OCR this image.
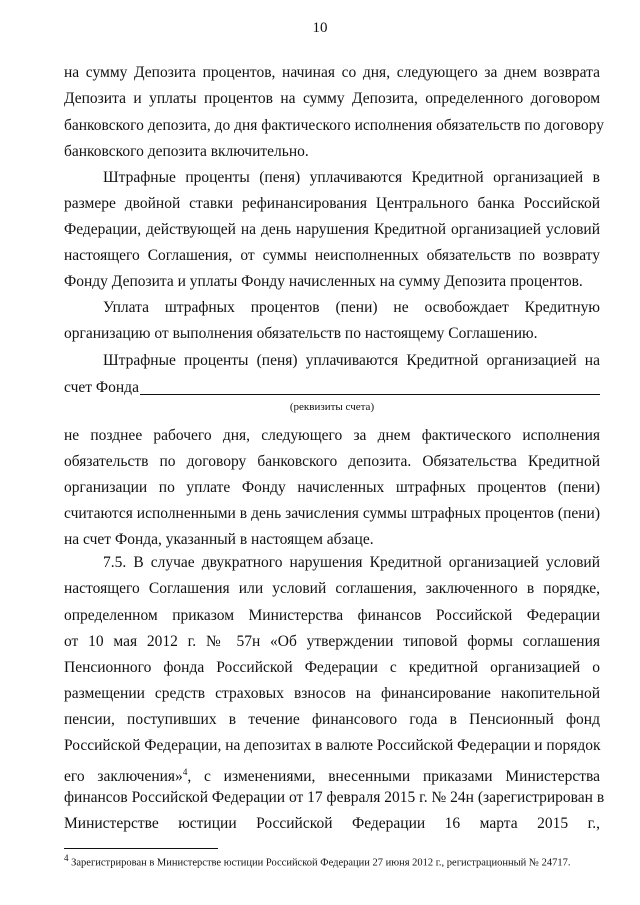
10
на сумму Депозита процентов, начиная со дня, следующего за днем возврата
Депозита и уплаты процентов на сумму Депозита, определенного договором
банковского депозита, до дня фактического исполнения обязательств по договору
банковского депозита включительно.
Штрафные проценты (пеня) уплачиваются Кредитной организацией в
размере двойной ставки рефинансирования Центрального банка Российской
Федерации, действующей на день нарушения Кредитной организацией условий
настоящего Соглашения, от суммы неисполненных обязательств по возврату
Фонду Депозита и уплаты Фонду начисленных на сумму Депозита процентов.
Уплата штрафных процентов (пени) не освобождает Кредитную
организацию от выполнения обязательств по настоящему Соглашению.
Штрафные проценты (пеня) уплачиваются Кредитной организацией на
счет Фонда
(реквизиты счета)
не позднее рабочего дня, следующего за днем фактического исполнения
обязательств по договору банковского депозита. Обязательства Кредитной
организации по уплате Фонду начисленных штрафных процентов (пени)
считаются исполненными в день зачисления суммы штрафных процентов (пени)
на счет Фонда, указанный в настоящем абзаце.
7.5. В случае двукратного нарушения Кредитной организацией условий
настоящего Соглашения или условий соглашения, заключенного в порядке,
определенном приказом Министерства финансов Российской Федерации
от 10 мая 2012 г. № 57н «Об утверждении типовой формы соглашения
Пенсионного фонда Российской Федерации с кредитной организацией о
размещении средств страховых взносов на финансирование накопительной
пенсии, поступивших в течение финансового года в Пенсионный фонд
Российской Федерации, на депозитах в валюте Российской Федерации и порядок
его заключения»$^4$, с изменениями, внесенными приказами Министерства
финансов Российской Федерации от 17 февраля 2015 г. № 24н (зарегистрирован в
Министерстве юстиции Российской Федерации 16 марта 2015 г.,
$^4$ Зарегистрирован в Министерстве юстиции Российской Федерации 27 июня 2012 г., регистрационный № 24717.
